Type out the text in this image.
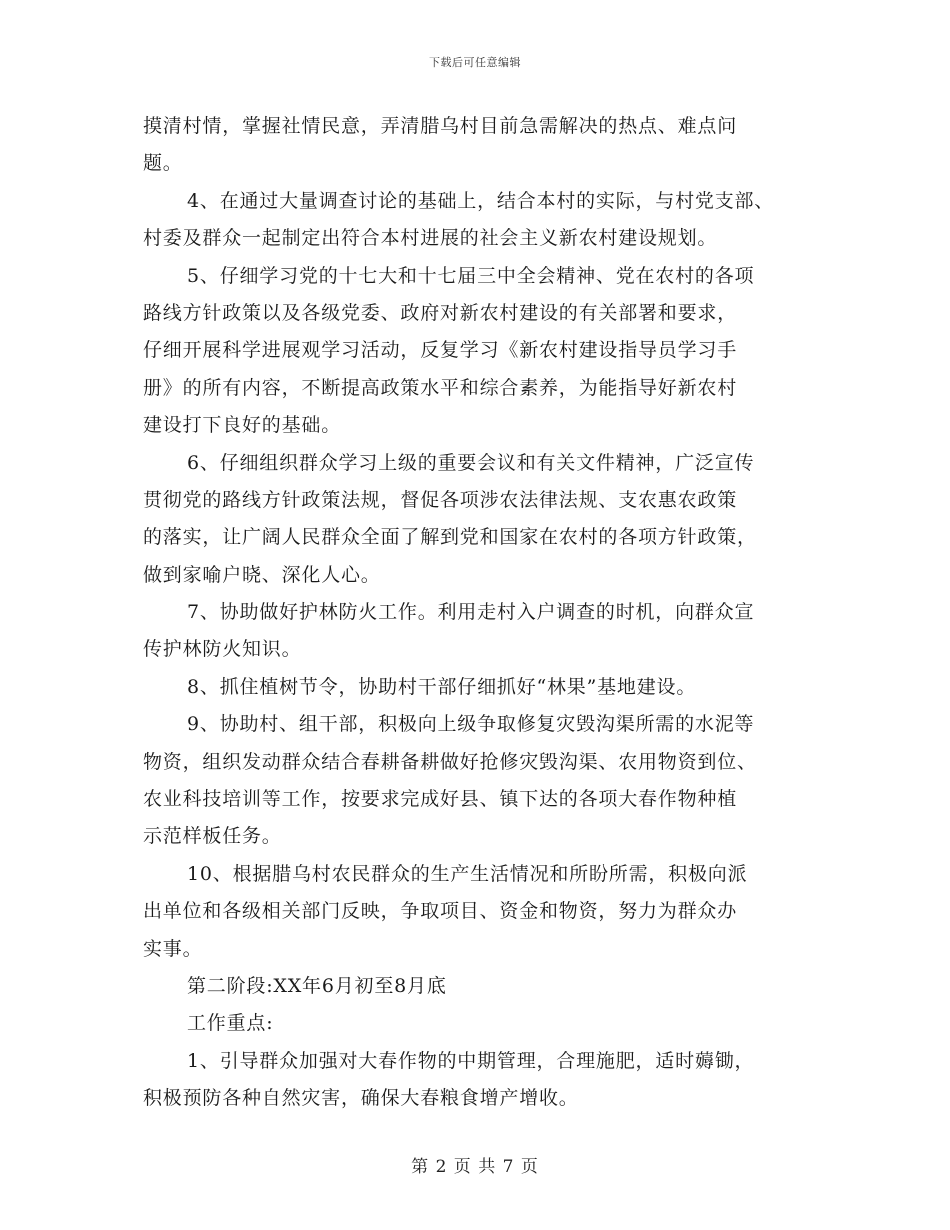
下载后可任意编辑
摸清村情，掌握社情民意，弄清腊乌村目前急需解决的热点、难点问
题。
4、在通过大量调查讨论的基础上，结合本村的实际，与村党支部、
村委及群众一起制定出符合本村进展的社会主义新农村建设规划。
5、仔细学习党的十七大和十七届三中全会精神、党在农村的各项
路线方针政策以及各级党委、政府对新农村建设的有关部署和要求，
仔细开展科学进展观学习活动，反复学习《新农村建设指导员学习手
册》的所有内容，不断提高政策水平和综合素养，为能指导好新农村
建设打下良好的基础。
6、仔细组织群众学习上级的重要会议和有关文件精神，广泛宣传
贯彻党的路线方针政策法规，督促各项涉农法律法规、支农惠农政策
的落实，让广阔人民群众全面了解到党和国家在农村的各项方针政策，
做到家喻户晓、深化人心。
7、协助做好护林防火工作。利用走村入户调查的时机，向群众宣
传护林防火知识。
8、抓住植树节令，协助村干部仔细抓好“林果”基地建设。
9、协助村、组干部，积极向上级争取修复灾毁沟渠所需的水泥等
物资，组织发动群众结合春耕备耕做好抢修灾毁沟渠、农用物资到位、
农业科技培训等工作，按要求完成好县、镇下达的各项大春作物种植
示范样板任务。
10、根据腊乌村农民群众的生产生活情况和所盼所需，积极向派
出单位和各级相关部门反映，争取项目、资金和物资，努力为群众办
实事。
第二阶段:XX年6月初至8月底
工作重点:
1、引导群众加强对大春作物的中期管理，合理施肥，适时薅锄，
积极预防各种自然灾害，确保大春粮食增产增收。
第 2 页 共 7 页
